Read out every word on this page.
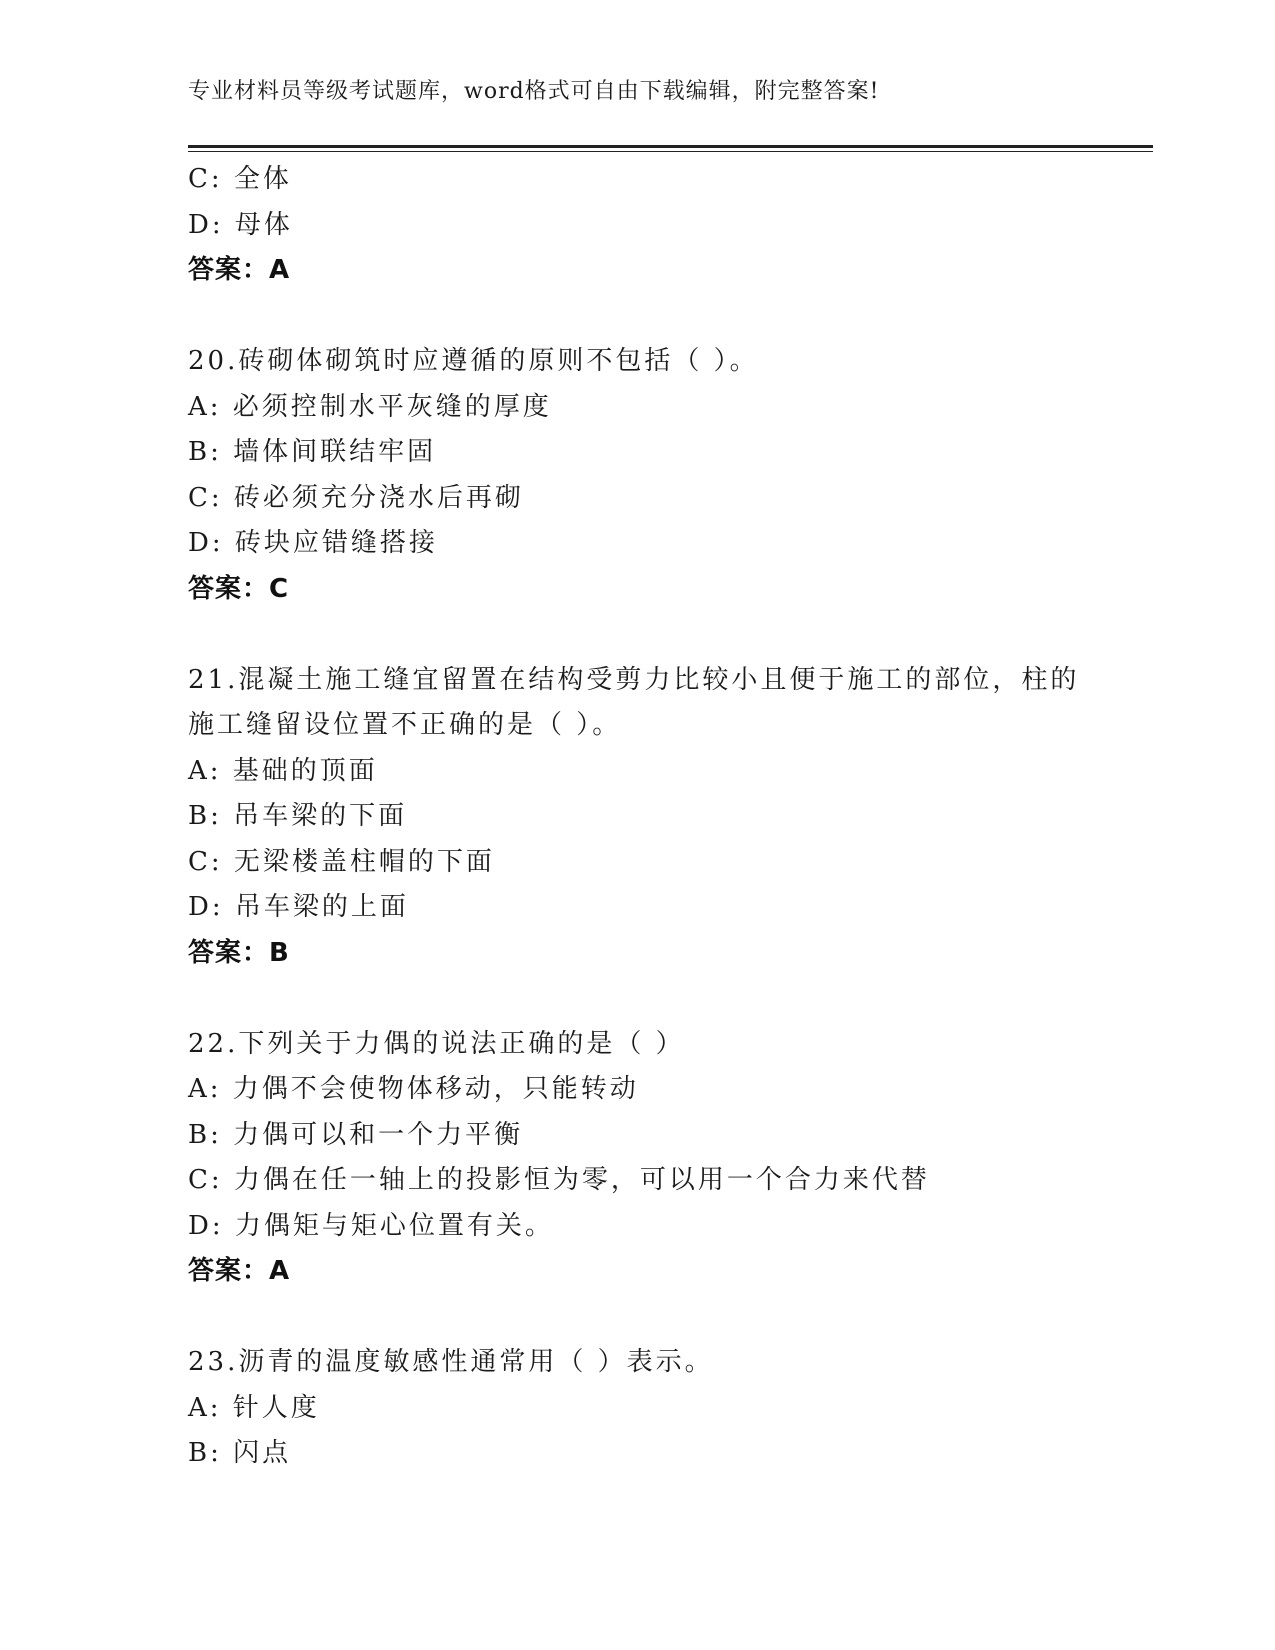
专业材料员等级考试题库，word格式可自由下载编辑，附完整答案!
C: 全体
D: 母体
答案：A
20.砖砌体砌筑时应遵循的原则不包括（ ）。
A: 必须控制水平灰缝的厚度
B: 墙体间联结牢固
C: 砖必须充分浇水后再砌
D: 砖块应错缝搭接
答案：C
21.混凝土施工缝宜留置在结构受剪力比较小且便于施工的部位，柱的
施工缝留设位置不正确的是（ ）。
A: 基础的顶面
B: 吊车梁的下面
C: 无梁楼盖柱帽的下面
D: 吊车梁的上面
答案：B
22.下列关于力偶的说法正确的是（ ）
A: 力偶不会使物体移动，只能转动
B: 力偶可以和一个力平衡
C: 力偶在任一轴上的投影恒为零，可以用一个合力来代替
D: 力偶矩与矩心位置有关。
答案：A
23.沥青的温度敏感性通常用（ ）表示。
A: 针人度
B: 闪点
